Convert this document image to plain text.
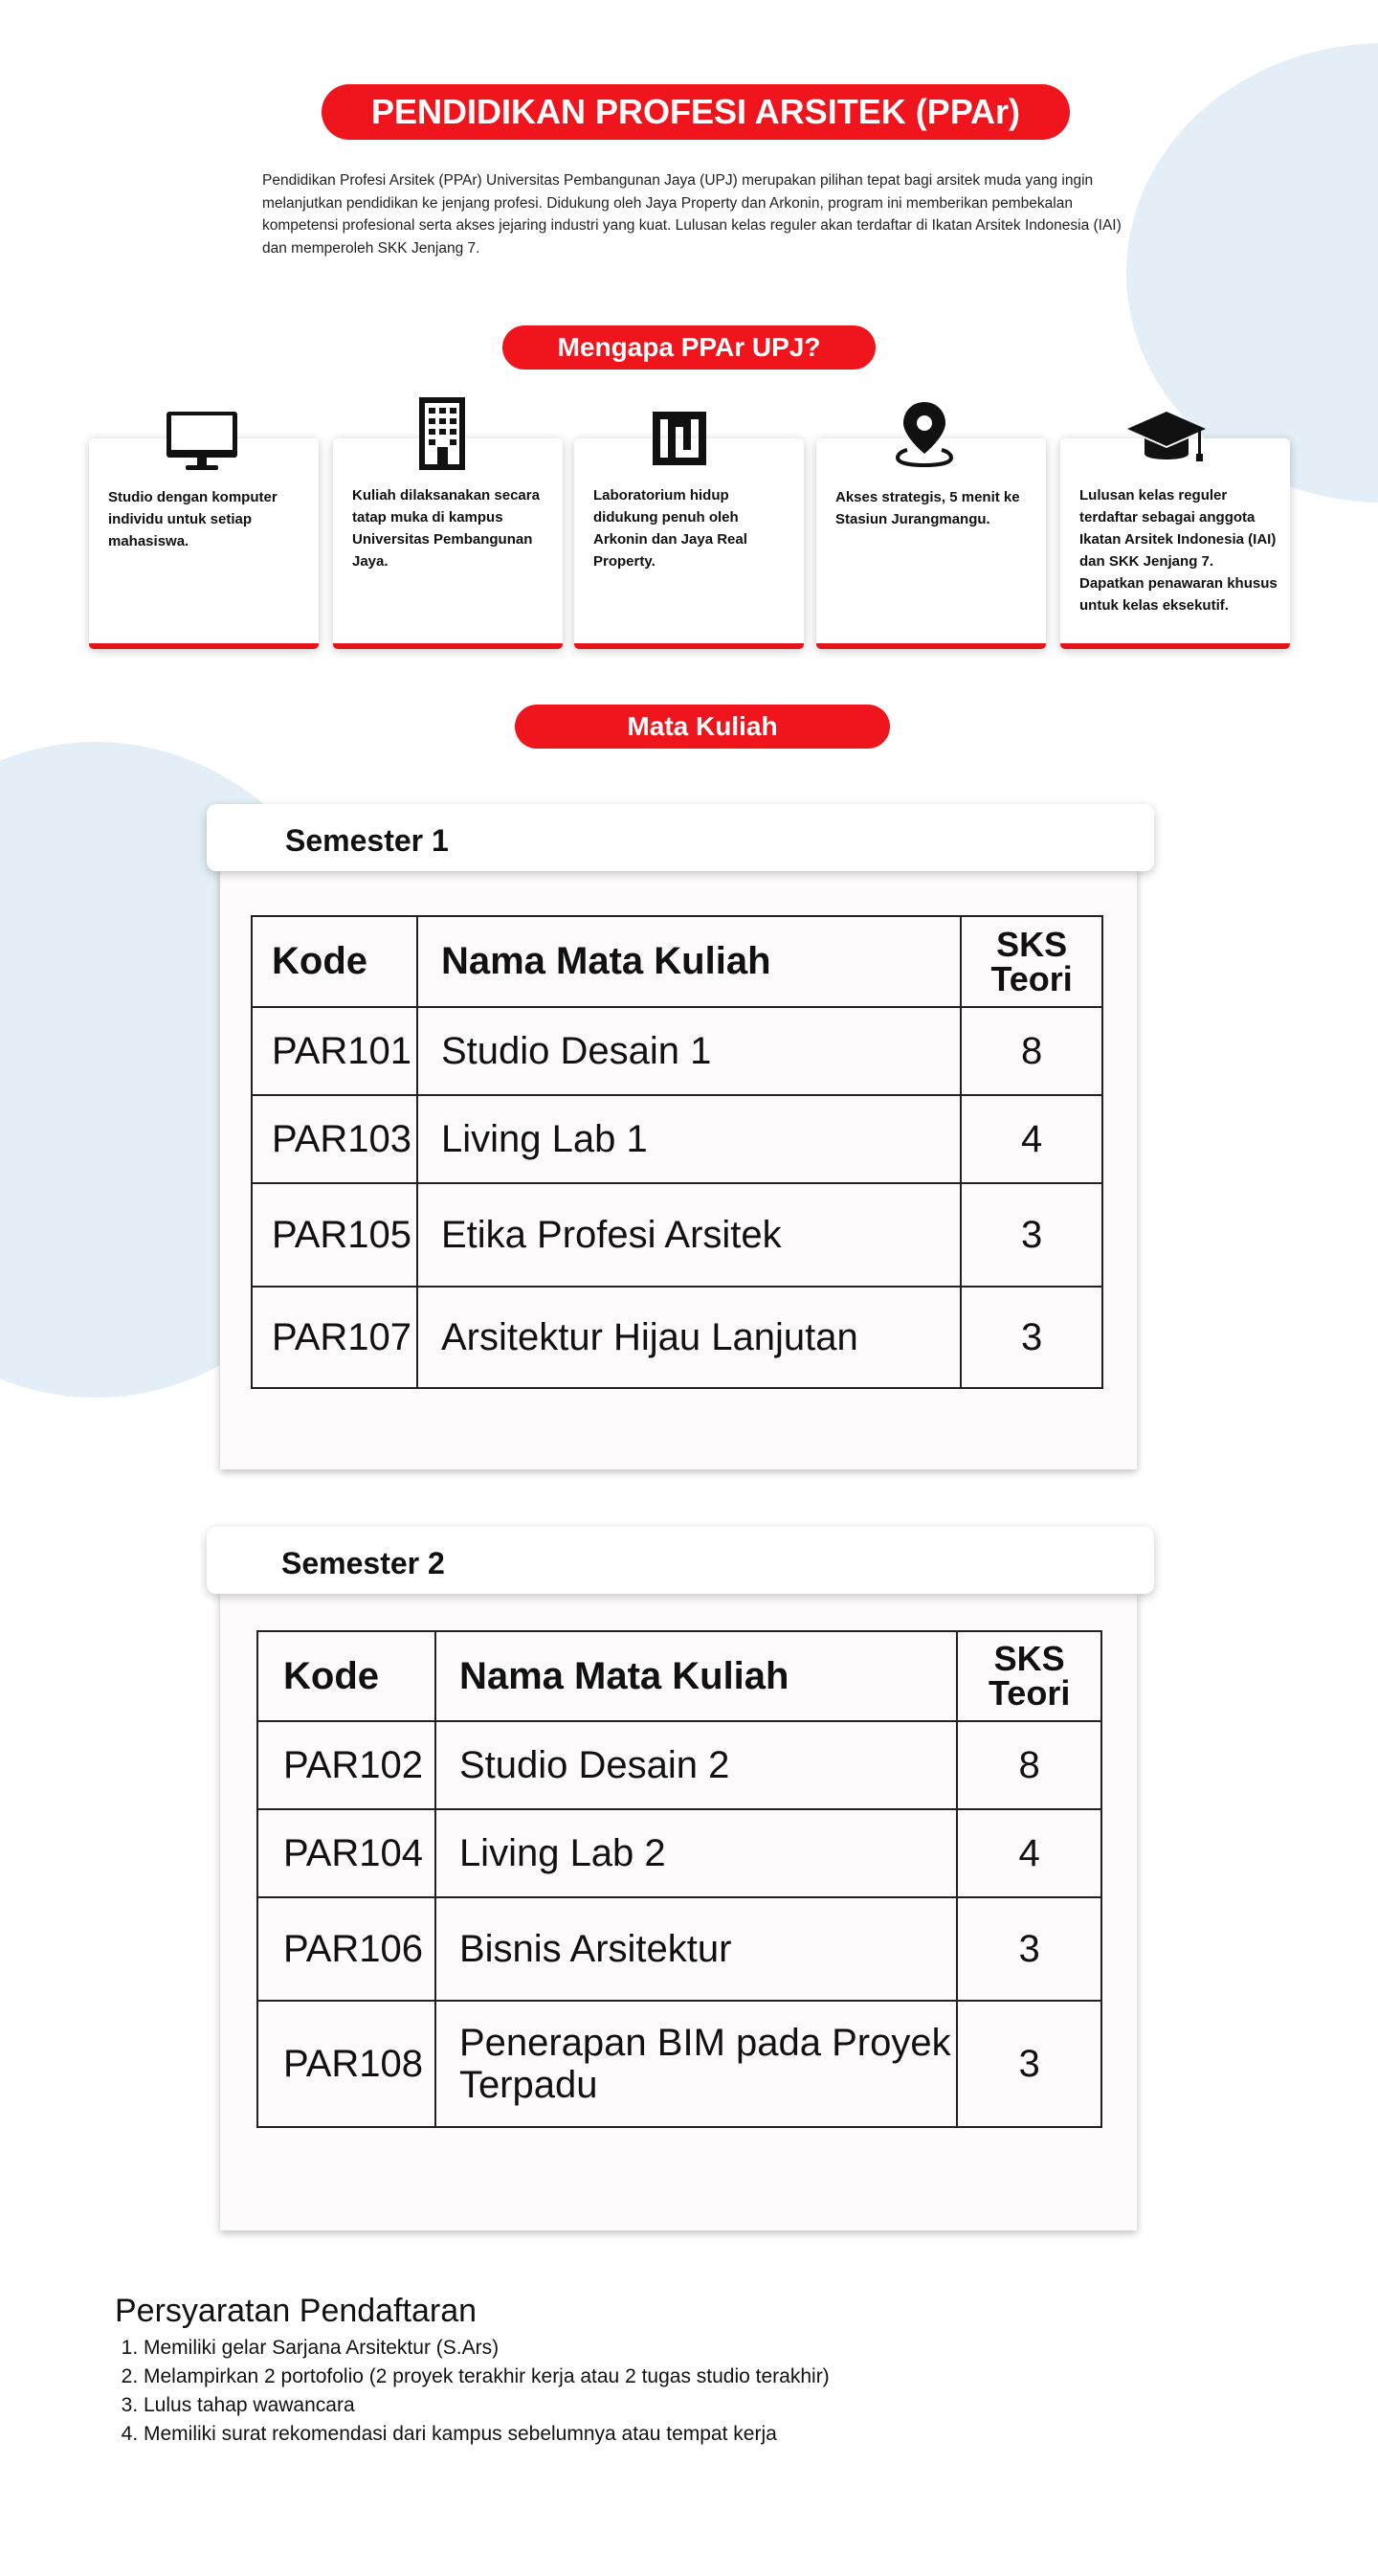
PENDIDIKAN PROFESI ARSITEK (PPAr)

Pendidikan Profesi Arsitek (PPAr) Universitas Pembangunan Jaya (UPJ) merupakan pilihan tepat bagi arsitek muda yang ingin melanjutkan pendidikan ke jenjang profesi. Didukung oleh Jaya Property dan Arkonin, program ini memberikan pembekalan kompetensi profesional serta akses jejaring industri yang kuat. Lulusan kelas reguler akan terdaftar di Ikatan Arsitek Indonesia (IAI) dan memperoleh SKK Jenjang 7.

Mengapa PPAr UPJ?
Studio dengan komputer individu untuk setiap mahasiswa.
Kuliah dilaksanakan secara tatap muka di kampus Universitas Pembangunan Jaya.
Laboratorium hidup didukung penuh oleh Arkonin dan Jaya Real Property.
Akses strategis, 5 menit ke Stasiun Jurangmangu.
Lulusan kelas reguler terdaftar sebagai anggota Ikatan Arsitek Indonesia (IAI) dan SKK Jenjang 7. Dapatkan penawaran khusus untuk kelas eksekutif.
Mata Kuliah
Semester 1
Kode	Nama Mata Kuliah	SKS
Teori

PAR101	Studio Desain 1	8
PAR103	Living Lab 1	4
PAR105	Etika Profesi Arsitek	3
PAR107	Arsitektur Hijau Lanjutan	3
Semester 2
Kode	Nama Mata Kuliah	SKS
Teori

PAR102	Studio Desain 2	8
PAR104	Living Lab 2	4
PAR106	Bisnis Arsitektur	3
PAR108	Penerapan BIM pada Proyek Terpadu	3
Persyaratan Pendaftaran
1. Memiliki gelar Sarjana Arsitektur (S.Ars)
2. Melampirkan 2 portofolio (2 proyek terakhir kerja atau 2 tugas studio terakhir)
3. Lulus tahap wawancara
4. Memiliki surat rekomendasi dari kampus sebelumnya atau tempat kerja
